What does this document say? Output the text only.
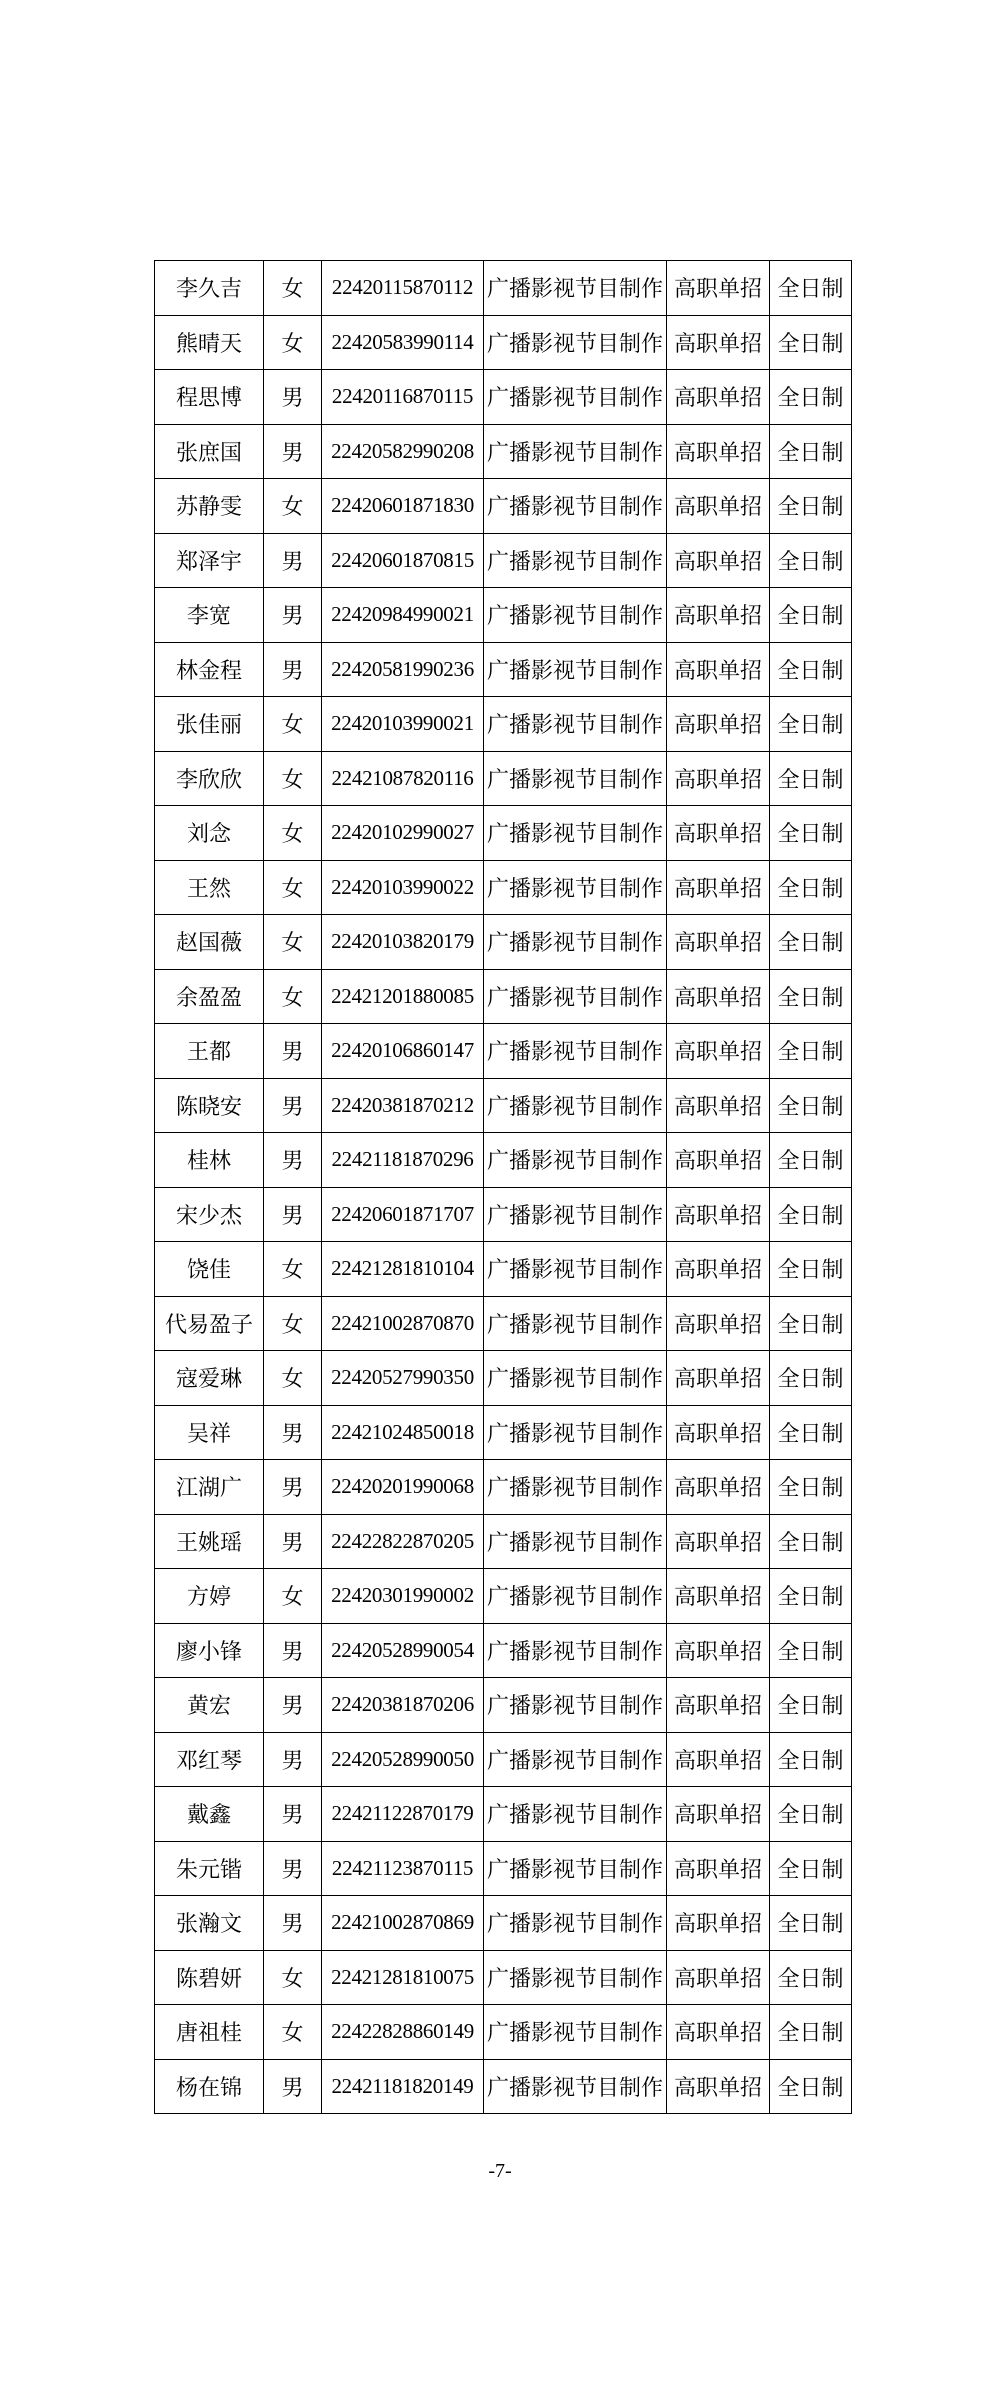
李久吉	女	22420115870112	广播影视节目制作	高职单招	全日制
熊晴天	女	22420583990114	广播影视节目制作	高职单招	全日制
程思博	男	22420116870115	广播影视节目制作	高职单招	全日制
张庶国	男	22420582990208	广播影视节目制作	高职单招	全日制
苏静雯	女	22420601871830	广播影视节目制作	高职单招	全日制
郑泽宇	男	22420601870815	广播影视节目制作	高职单招	全日制
李宽	男	22420984990021	广播影视节目制作	高职单招	全日制
林金程	男	22420581990236	广播影视节目制作	高职单招	全日制
张佳丽	女	22420103990021	广播影视节目制作	高职单招	全日制
李欣欣	女	22421087820116	广播影视节目制作	高职单招	全日制
刘念	女	22420102990027	广播影视节目制作	高职单招	全日制
王然	女	22420103990022	广播影视节目制作	高职单招	全日制
赵国薇	女	22420103820179	广播影视节目制作	高职单招	全日制
余盈盈	女	22421201880085	广播影视节目制作	高职单招	全日制
王都	男	22420106860147	广播影视节目制作	高职单招	全日制
陈晓安	男	22420381870212	广播影视节目制作	高职单招	全日制
桂林	男	22421181870296	广播影视节目制作	高职单招	全日制
宋少杰	男	22420601871707	广播影视节目制作	高职单招	全日制
饶佳	女	22421281810104	广播影视节目制作	高职单招	全日制
代易盈子	女	22421002870870	广播影视节目制作	高职单招	全日制
寇爱琳	女	22420527990350	广播影视节目制作	高职单招	全日制
吴祥	男	22421024850018	广播影视节目制作	高职单招	全日制
江湖广	男	22420201990068	广播影视节目制作	高职单招	全日制
王姚瑶	男	22422822870205	广播影视节目制作	高职单招	全日制
方婷	女	22420301990002	广播影视节目制作	高职单招	全日制
廖小锋	男	22420528990054	广播影视节目制作	高职单招	全日制
黄宏	男	22420381870206	广播影视节目制作	高职单招	全日制
邓红琴	男	22420528990050	广播影视节目制作	高职单招	全日制
戴鑫	男	22421122870179	广播影视节目制作	高职单招	全日制
朱元锴	男	22421123870115	广播影视节目制作	高职单招	全日制
张瀚文	男	22421002870869	广播影视节目制作	高职单招	全日制
陈碧妍	女	22421281810075	广播影视节目制作	高职单招	全日制
唐祖桂	女	22422828860149	广播影视节目制作	高职单招	全日制
杨在锦	男	22421181820149	广播影视节目制作	高职单招	全日制
-7-
